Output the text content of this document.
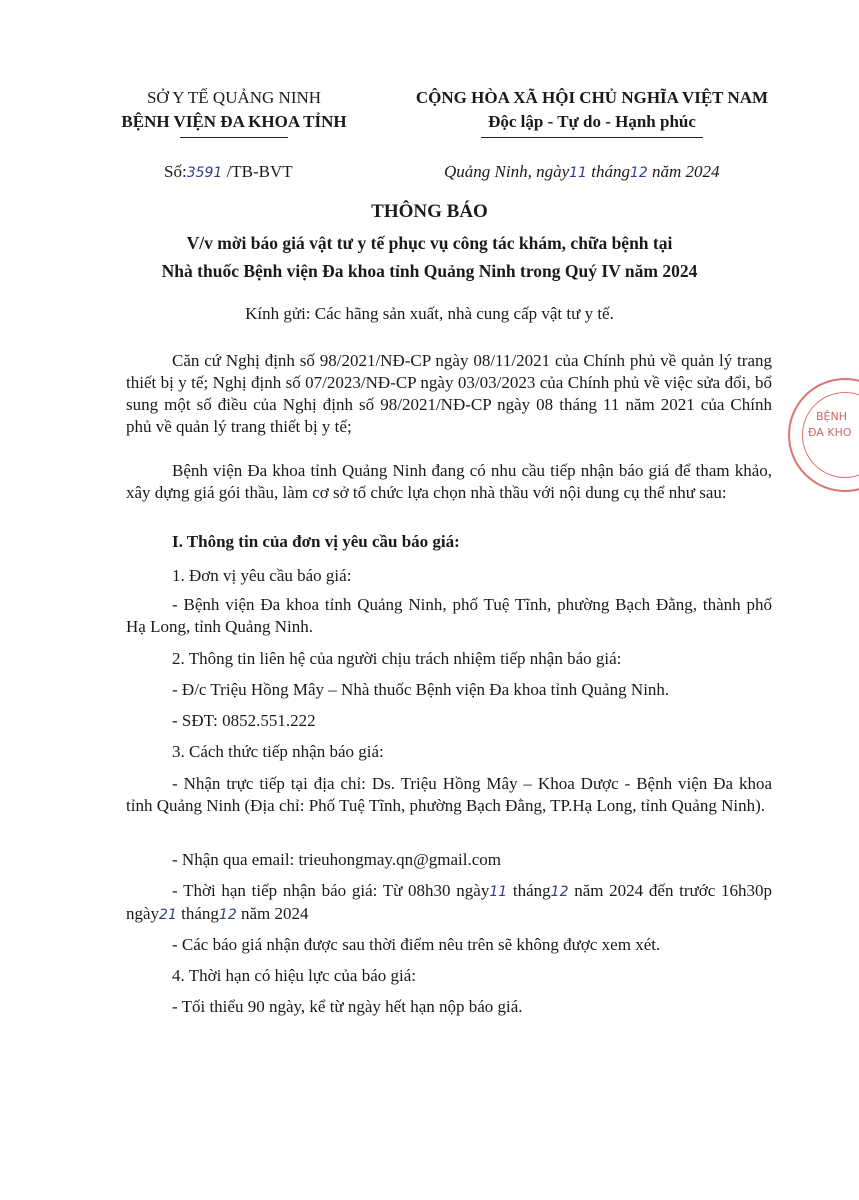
SỞ Y TẾ QUẢNG NINH
BỆNH VIỆN ĐA KHOA TỈNH
CỘNG HÒA XÃ HỘI CHỦ NGHĨA VIỆT NAM
Độc lập - Tự do - Hạnh phúc
Số:3591 /TB-BVT	Quảng Ninh, ngày11 tháng12 năm 2024
THÔNG BÁO
V/v mời báo giá vật tư y tế phục vụ công tác khám, chữa bệnh tại
Nhà thuốc Bệnh viện Đa khoa tỉnh Quảng Ninh trong Quý IV năm 2024
Kính gửi: Các hãng sản xuất, nhà cung cấp vật tư y tế.
Căn cứ Nghị định số 98/2021/NĐ-CP ngày 08/11/2021 của Chính phủ về quản lý trang thiết bị y tế; Nghị định số 07/2023/NĐ-CP ngày 03/03/2023 của Chính phủ về việc sửa đổi, bổ sung một số điều của Nghị định số 98/2021/NĐ-CP ngày 08 tháng 11 năm 2021 của Chính phủ về quản lý trang thiết bị y tế;
Bệnh viện Đa khoa tỉnh Quảng Ninh đang có nhu cầu tiếp nhận báo giá để tham khảo, xây dựng giá gói thầu, làm cơ sở tổ chức lựa chọn nhà thầu với nội dung cụ thể như sau:
I. Thông tin của đơn vị yêu cầu báo giá:
1. Đơn vị yêu cầu báo giá:
- Bệnh viện Đa khoa tỉnh Quảng Ninh, phố Tuệ Tĩnh, phường Bạch Đằng, thành phố Hạ Long, tỉnh Quảng Ninh.
2. Thông tin liên hệ của người chịu trách nhiệm tiếp nhận báo giá:
- Đ/c Triệu Hồng Mây – Nhà thuốc Bệnh viện Đa khoa tỉnh Quảng Ninh.
- SĐT: 0852.551.222
3. Cách thức tiếp nhận báo giá:
- Nhận trực tiếp tại địa chỉ: Ds. Triệu Hồng Mây – Khoa Dược - Bệnh viện Đa khoa tỉnh Quảng Ninh (Địa chỉ: Phố Tuệ Tĩnh, phường Bạch Đằng, TP.Hạ Long, tỉnh Quảng Ninh).
- Nhận qua email: trieuhongmay.qn@gmail.com
- Thời hạn tiếp nhận báo giá: Từ 08h30 ngày11 tháng12 năm 2024 đến trước 16h30p ngày21 tháng12 năm 2024
- Các báo giá nhận được sau thời điểm nêu trên sẽ không được xem xét.
4. Thời hạn có hiệu lực của báo giá:
- Tối thiểu 90 ngày, kể từ ngày hết hạn nộp báo giá.
BỆNH
ĐA KHO
